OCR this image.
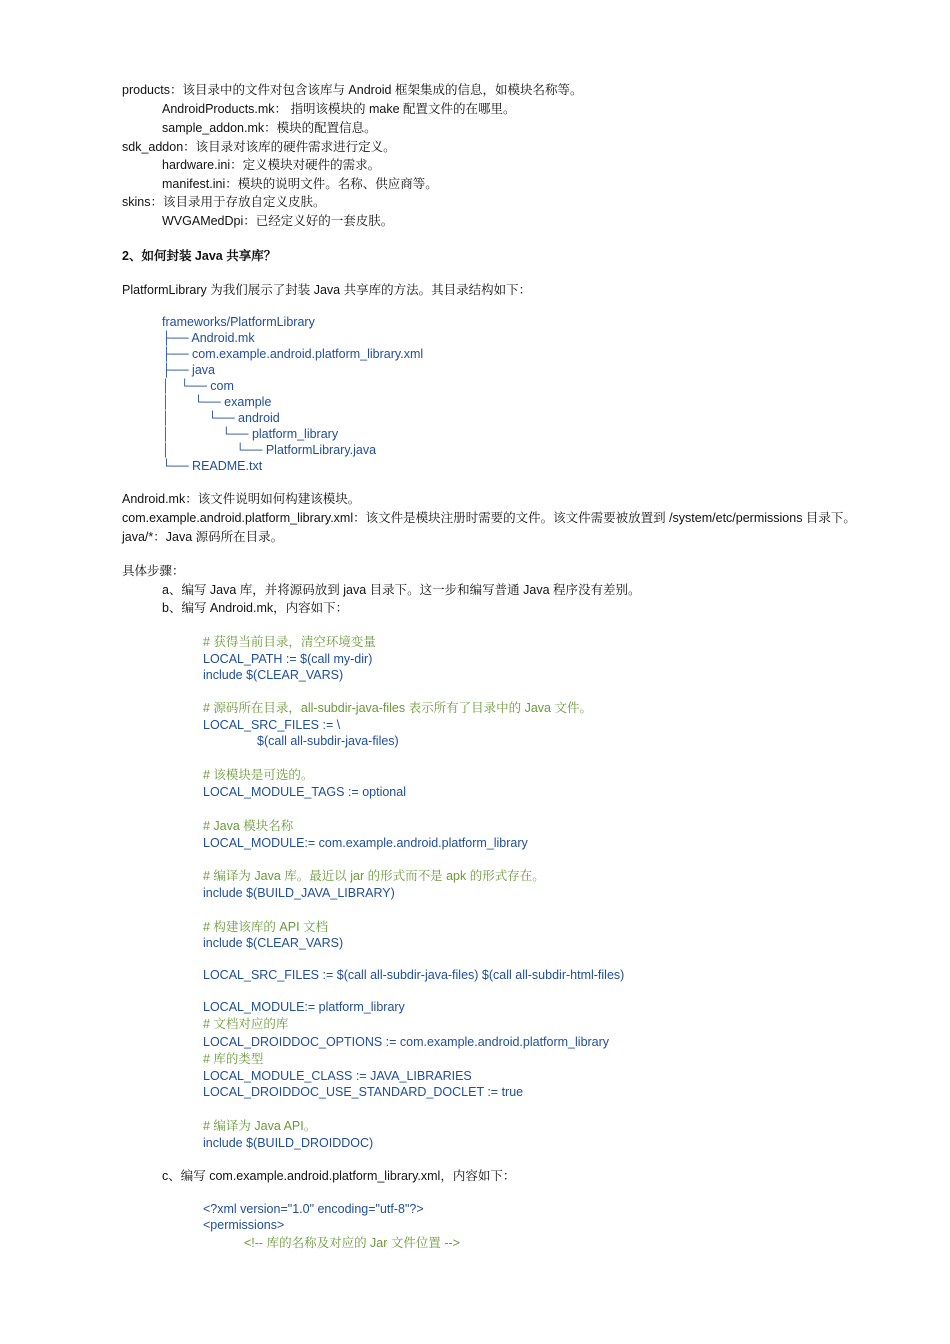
products：该目录中的文件对包含该库与 Android 框架集成的信息，如模块名称等。
AndroidProducts.mk： 指明该模块的 make 配置文件的在哪里。
sample_addon.mk：模块的配置信息。
sdk_addon：该目录对该库的硬件需求进行定义。
hardware.ini：定义模块对硬件的需求。
manifest.ini：模块的说明文件。名称、供应商等。
skins：该目录用于存放自定义皮肤。
WVGAMedDpi：已经定义好的一套皮肤。
2、如何封装 Java 共享库？
PlatformLibrary 为我们展示了封装 Java 共享库的方法。其目录结构如下：
frameworks/PlatformLibrary
├── Android.mk
├── com.example.android.platform_library.xml
├── java
│   └── com
│       └── example
│           └── android
│               └── platform_library
│                   └── PlatformLibrary.java
└── README.txt
Android.mk：该文件说明如何构建该模块。
com.example.android.platform_library.xml：该文件是模块注册时需要的文件。该文件需要被放置到 /system/etc/permissions 目录下。
java/*：Java 源码所在目录。
具体步骤：
a、编写 Java 库，并将源码放到 java 目录下。这一步和编写普通 Java 程序没有差别。
b、编写 Android.mk，内容如下：
# 获得当前目录，清空环境变量
LOCAL_PATH := $(call my-dir)
include $(CLEAR_VARS)
# 源码所在目录，all-subdir-java-files 表示所有了目录中的 Java 文件。
LOCAL_SRC_FILES := \
$(call all-subdir-java-files)
# 该模块是可选的。
LOCAL_MODULE_TAGS := optional
# Java 模块名称
LOCAL_MODULE:= com.example.android.platform_library
# 编译为 Java 库。最近以 jar 的形式而不是 apk 的形式存在。
include $(BUILD_JAVA_LIBRARY)
# 构建该库的 API 文档
include $(CLEAR_VARS)
LOCAL_SRC_FILES := $(call all-subdir-java-files) $(call all-subdir-html-files)
LOCAL_MODULE:= platform_library
# 文档对应的库
LOCAL_DROIDDOC_OPTIONS := com.example.android.platform_library
# 库的类型
LOCAL_MODULE_CLASS := JAVA_LIBRARIES
LOCAL_DROIDDOC_USE_STANDARD_DOCLET := true
# 编译为 Java API。
include $(BUILD_DROIDDOC)
c、编写 com.example.android.platform_library.xml，内容如下：
<?xml version="1.0" encoding="utf-8"?>
<permissions>
<!-- 库的名称及对应的 Jar 文件位置 -->
